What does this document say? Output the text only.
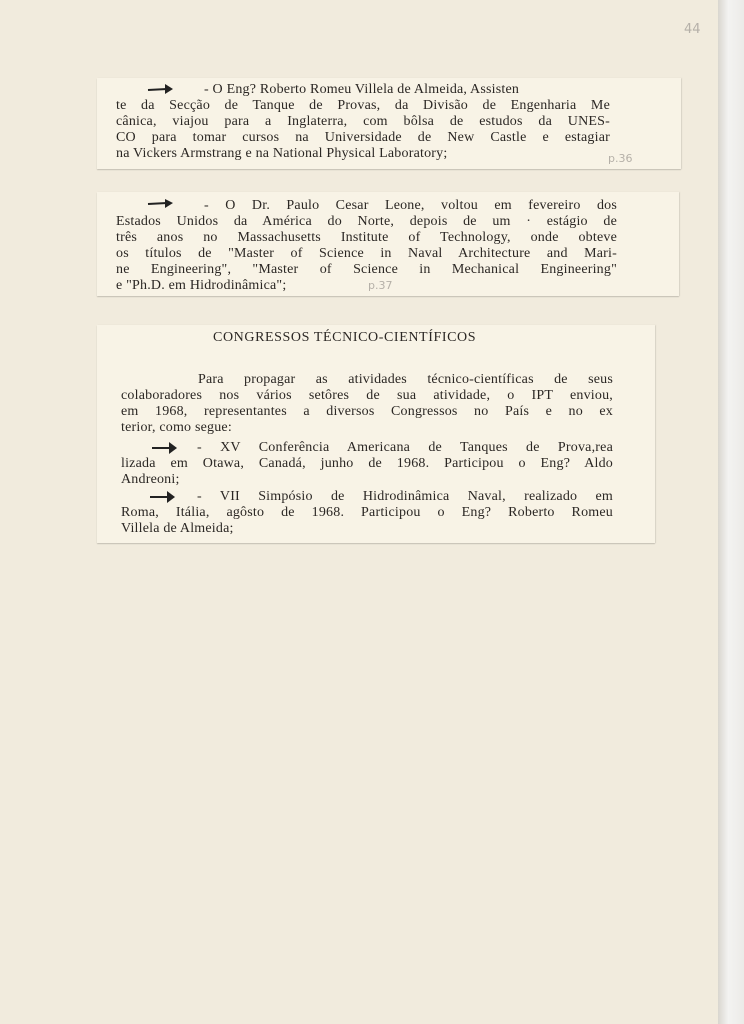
44
- O Eng? Roberto Romeu Villela de Almeida, Assisten
te da Secção de Tanque de Provas, da Divisão de Engenharia Me
cânica, viajou para a Inglaterra, com bôlsa de estudos da UNES-
CO para tomar cursos na Universidade de New Castle e estagiar
na Vickers Armstrang e na National Physical Laboratory;	p.36
- O Dr. Paulo Cesar Leone, voltou em fevereiro dos
Estados Unidos da América do Norte, depois de um · estágio de
três anos no Massachusetts Institute of Technology, onde obteve
os títulos de "Master of Science in Naval Architecture and Mari-
ne Engineering", "Master of Science in Mechanical Engineering"
e "Ph.D. em Hidrodinâmica";	p.37
CONGRESSOS TÉCNICO-CIENTÍFICOS
Para propagar as atividades técnico-científicas de seus
colaboradores nos vários setôres de sua atividade, o IPT enviou,
em 1968, representantes a diversos Congressos no País e no ex
terior, como segue:
- XV Conferência Americana de Tanques de Prova,rea
lizada em Otawa, Canadá, junho de 1968. Participou o Eng? Aldo
Andreoni;
- VII Simpósio de Hidrodinâmica Naval, realizado em
Roma, Itália, agôsto de 1968. Participou o Eng? Roberto Romeu
Villela de Almeida;
